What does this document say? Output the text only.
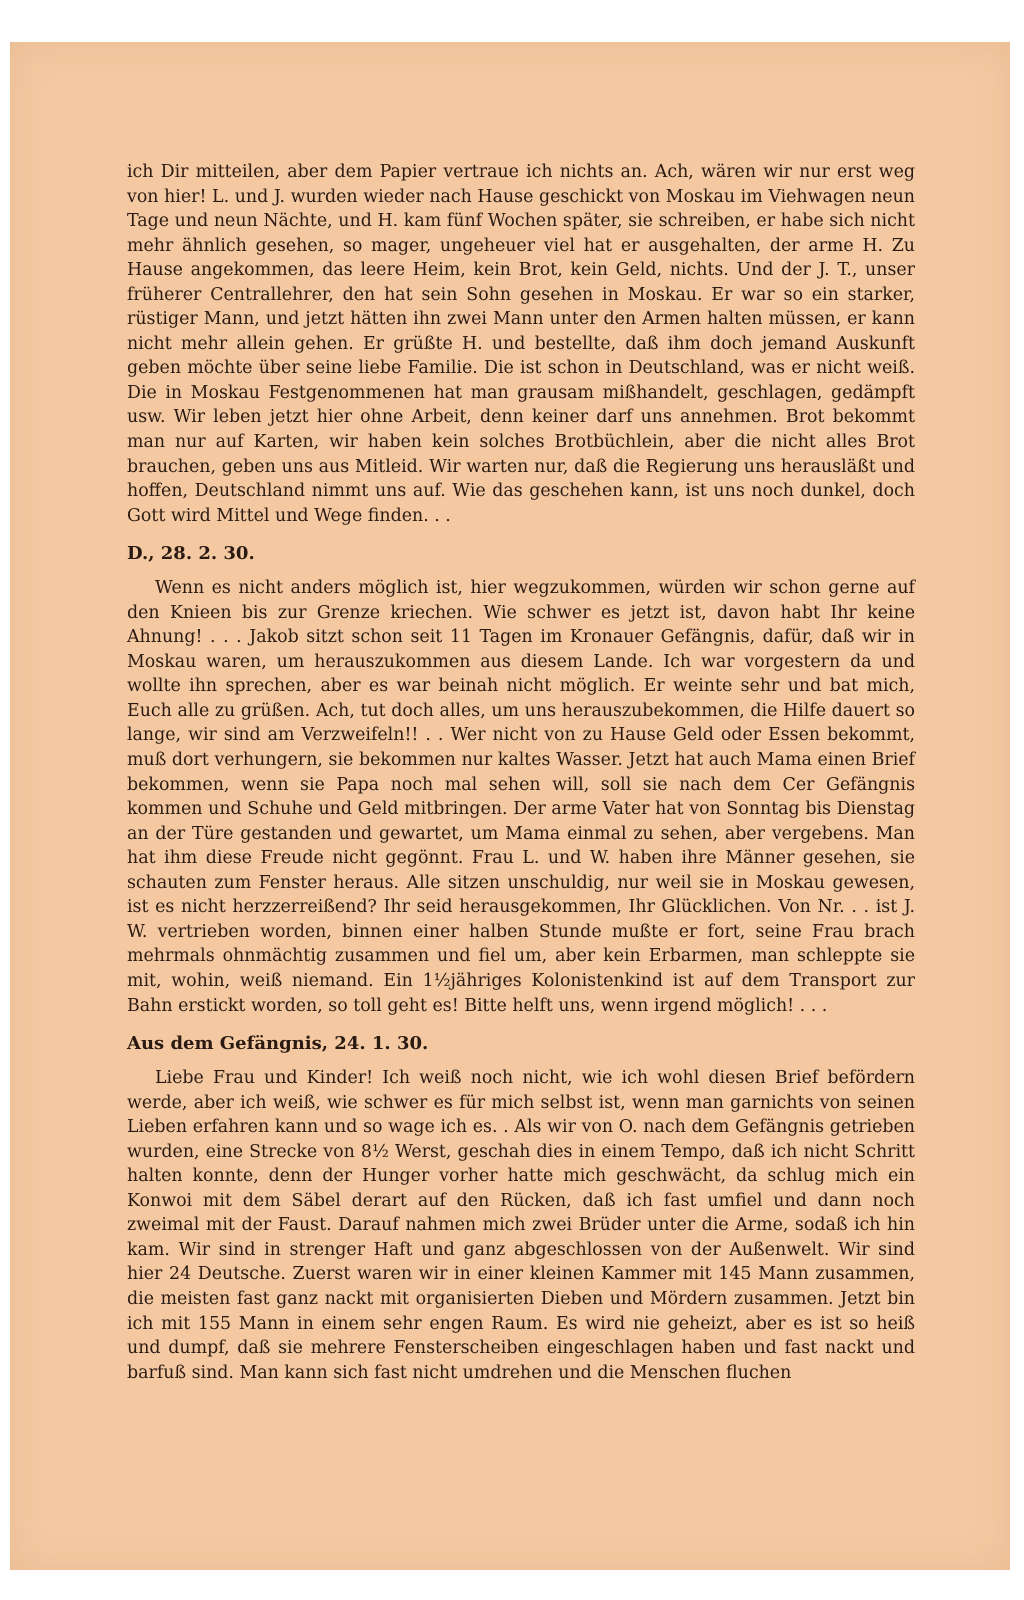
ich Dir mitteilen, aber dem Papier vertraue ich nichts an. Ach, wären wir nur erst weg von hier! L. und J. wurden wieder nach Hause geschickt von Moskau im Viehwagen neun Tage und neun Nächte, und H. kam fünf Wochen später, sie schreiben, er habe sich nicht mehr ähnlich gesehen, so mager, ungeheuer viel hat er ausgehalten, der arme H. Zu Hause angekommen, das leere Heim, kein Brot, kein Geld, nichts. Und der J. T., unser früherer Centrallehrer, den hat sein Sohn gesehen in Moskau. Er war so ein starker, rüstiger Mann, und jetzt hätten ihn zwei Mann unter den Armen halten müssen, er kann nicht mehr allein gehen. Er grüßte H. und bestellte, daß ihm doch jemand Auskunft geben möchte über seine liebe Familie. Die ist schon in Deutschland, was er nicht weiß. Die in Moskau Festgenommenen hat man grausam mißhandelt, geschlagen, gedämpft usw. Wir leben jetzt hier ohne Arbeit, denn keiner darf uns annehmen. Brot bekommt man nur auf Karten, wir haben kein solches Brotbüchlein, aber die nicht alles Brot brauchen, geben uns aus Mitleid. Wir warten nur, daß die Regierung uns herausläßt und hoffen, Deutschland nimmt uns auf. Wie das geschehen kann, ist uns noch dunkel, doch Gott wird Mittel und Wege finden. . .

D., 28. 2. 30.

Wenn es nicht anders möglich ist, hier wegzukommen, würden wir schon gerne auf den Knieen bis zur Grenze kriechen. Wie schwer es jetzt ist, davon habt Ihr keine Ahnung! . . . Jakob sitzt schon seit 11 Tagen im Kronauer Gefängnis, dafür, daß wir in Moskau waren, um herauszukommen aus diesem Lande. Ich war vorgestern da und wollte ihn sprechen, aber es war beinah nicht möglich. Er weinte sehr und bat mich, Euch alle zu grüßen. Ach, tut doch alles, um uns herauszubekommen, die Hilfe dauert so lange, wir sind am Verzweifeln!! . . Wer nicht von zu Hause Geld oder Essen bekommt, muß dort verhungern, sie bekommen nur kaltes Wasser. Jetzt hat auch Mama einen Brief bekommen, wenn sie Papa noch mal sehen will, soll sie nach dem Cer Gefängnis kommen und Schuhe und Geld mitbringen. Der arme Vater hat von Sonntag bis Dienstag an der Türe gestanden und gewartet, um Mama einmal zu sehen, aber vergebens. Man hat ihm diese Freude nicht gegönnt. Frau L. und W. haben ihre Männer gesehen, sie schauten zum Fenster heraus. Alle sitzen unschuldig, nur weil sie in Moskau gewesen, ist es nicht herzzerreißend? Ihr seid herausgekommen, Ihr Glücklichen. Von Nr. . . ist J. W. vertrieben worden, binnen einer halben Stunde mußte er fort, seine Frau brach mehrmals ohnmächtig zusammen und fiel um, aber kein Erbarmen, man schleppte sie mit, wohin, weiß niemand. Ein 1½jähriges Kolonistenkind ist auf dem Transport zur Bahn erstickt worden, so toll geht es! Bitte helft uns, wenn irgend möglich! . . .

Aus dem Gefängnis, 24. 1. 30.

Liebe Frau und Kinder! Ich weiß noch nicht, wie ich wohl diesen Brief befördern werde, aber ich weiß, wie schwer es für mich selbst ist, wenn man garnichts von seinen Lieben erfahren kann und so wage ich es. . Als wir von O. nach dem Gefängnis getrieben wurden, eine Strecke von 8½ Werst, geschah dies in einem Tempo, daß ich nicht Schritt halten konnte, denn der Hunger vorher hatte mich geschwächt, da schlug mich ein Konwoi mit dem Säbel derart auf den Rücken, daß ich fast umfiel und dann noch zweimal mit der Faust. Darauf nahmen mich zwei Brüder unter die Arme, sodaß ich hin kam. Wir sind in strenger Haft und ganz abgeschlossen von der Außenwelt. Wir sind hier 24 Deutsche. Zuerst waren wir in einer kleinen Kammer mit 145 Mann zusammen, die meisten fast ganz nackt mit organisierten Dieben und Mördern zusammen. Jetzt bin ich mit 155 Mann in einem sehr engen Raum. Es wird nie geheizt, aber es ist so heiß und dumpf, daß sie mehrere Fensterscheiben eingeschlagen haben und fast nackt und barfuß sind. Man kann sich fast nicht umdrehen und die Menschen fluchen
